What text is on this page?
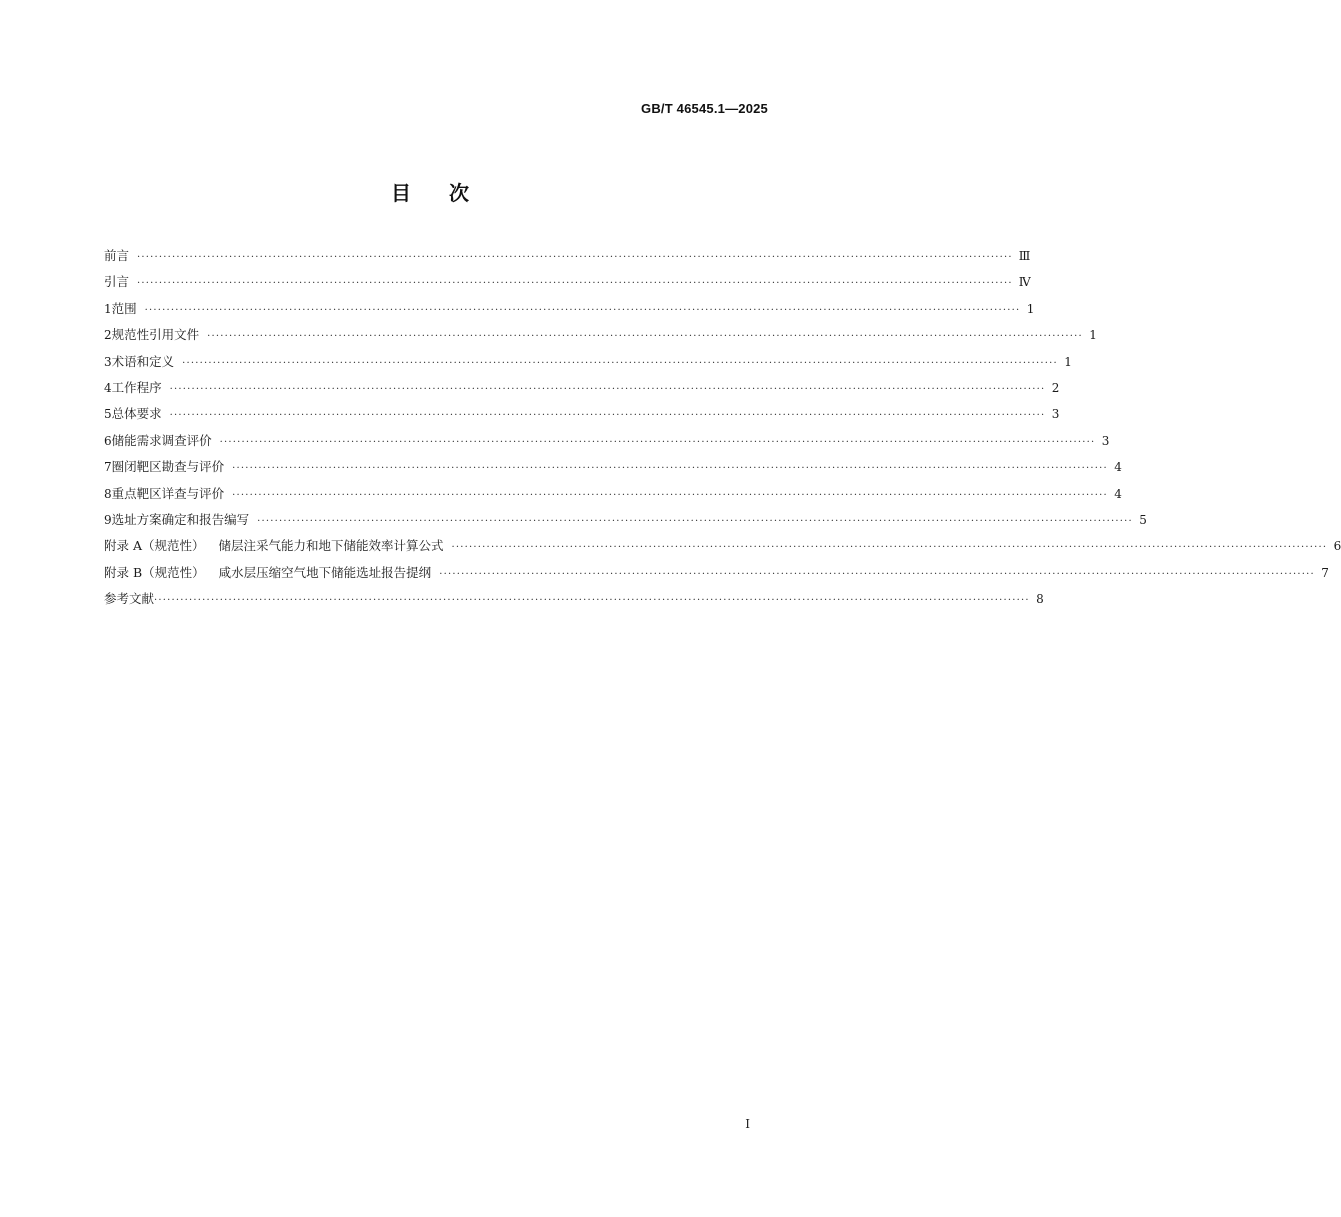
GB/T 46545.1—2025
目 次
前言 ········································································································································································································ Ⅲ
引言 ········································································································································································································ Ⅳ
1 范围 ········································································································································································································ 1
2 规范性引用文件 ········································································································································································································ 1
3 术语和定义 ········································································································································································································ 1
4 工作程序 ········································································································································································································ 2
5 总体要求 ········································································································································································································ 3
6 储能需求调查评价 ········································································································································································································ 3
7 圈闭靶区勘查与评价 ········································································································································································································ 4
8 重点靶区详查与评价 ········································································································································································································ 4
9 选址方案确定和报告编写 ········································································································································································································ 5
附录 A（规范性） 储层注采气能力和地下储能效率计算公式 ········································································································································································································ 6
附录 B（规范性） 咸水层压缩空气地下储能选址报告提纲 ········································································································································································································ 7
参考文献 ········································································································································································································ 8
I
